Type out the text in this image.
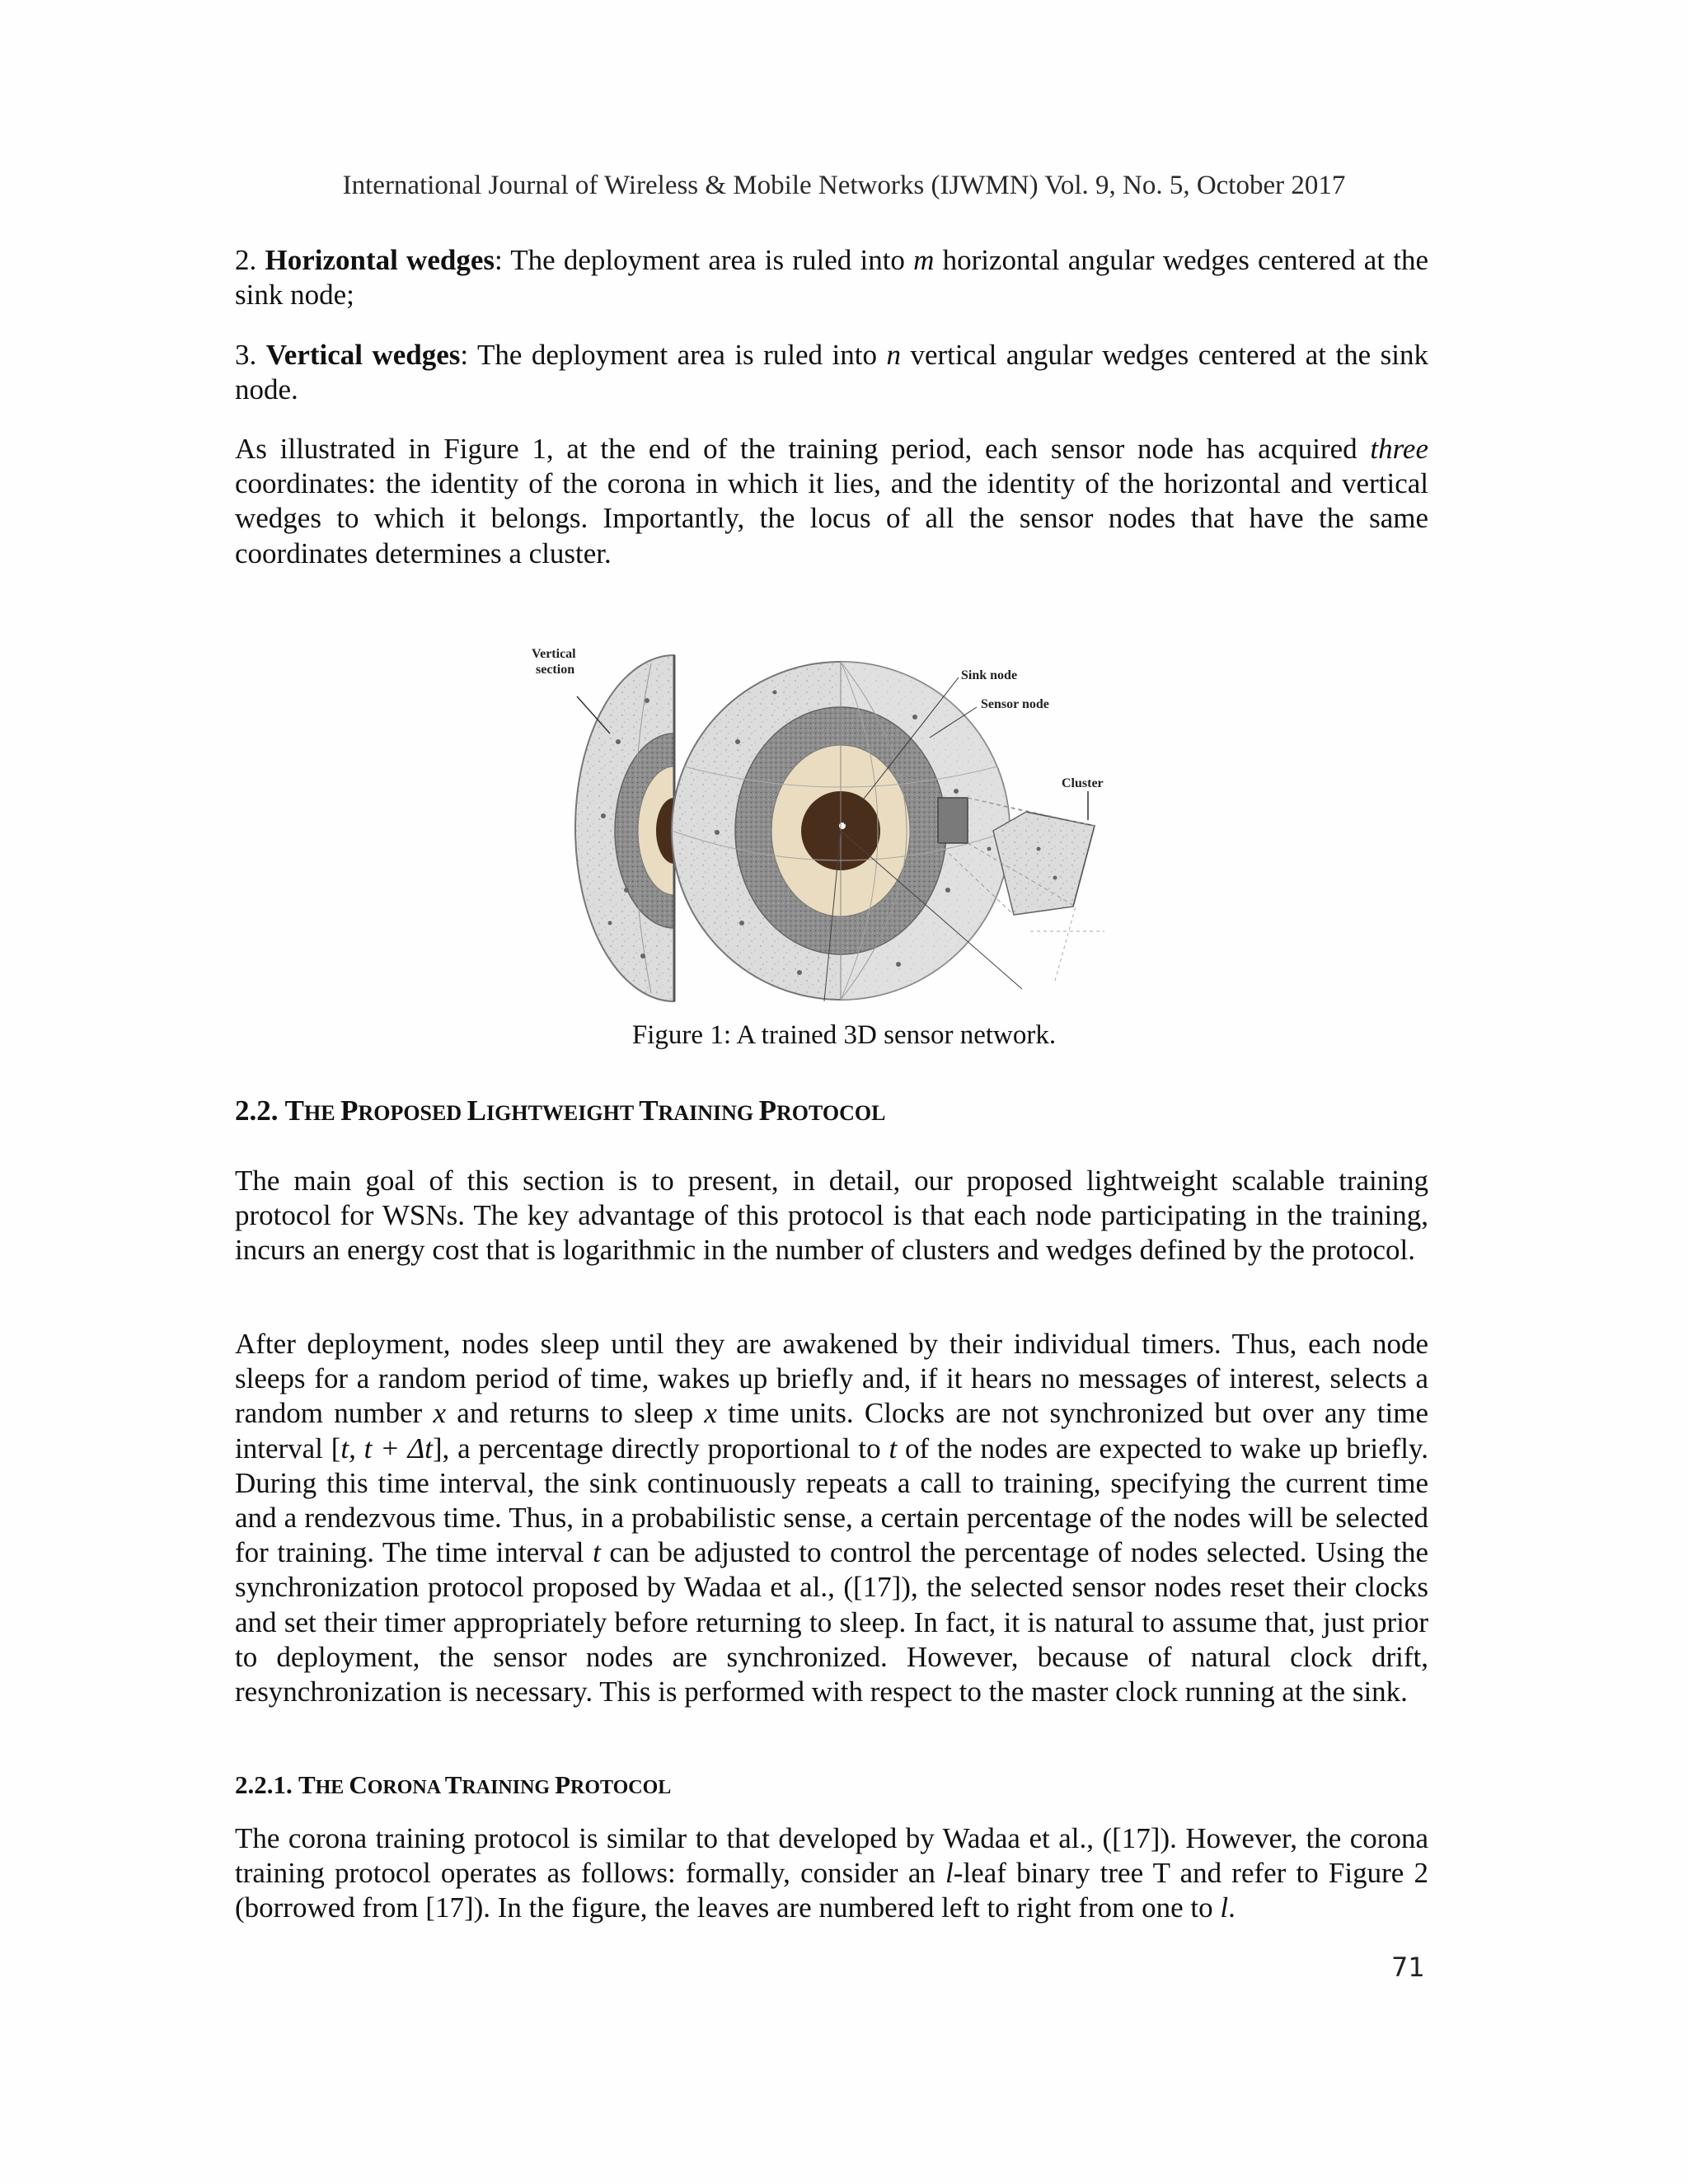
International Journal of Wireless & Mobile Networks (IJWMN) Vol. 9, No. 5, October 2017

2. Horizontal wedges: The deployment area is ruled into m horizontal angular wedges centered at the sink node;

3. Vertical wedges: The deployment area is ruled into n vertical angular wedges centered at the sink node.

As illustrated in Figure 1, at the end of the training period, each sensor node has acquired three coordinates: the identity of the corona in which it lies, and the identity of the horizontal and vertical wedges to which it belongs. Importantly, the locus of all the sensor nodes that have the same coordinates determines a cluster.

Vertical
section	Sink node
Sensor node
Cluster
Figure 1: A trained 3D sensor network.
2.2. THE PROPOSED LIGHTWEIGHT TRAINING PROTOCOL

The main goal of this section is to present, in detail, our proposed lightweight scalable training protocol for WSNs. The key advantage of this protocol is that each node participating in the training, incurs an energy cost that is logarithmic in the number of clusters and wedges defined by the protocol.

After deployment, nodes sleep until they are awakened by their individual timers. Thus, each node sleeps for a random period of time, wakes up briefly and, if it hears no messages of interest, selects a random number x and returns to sleep x time units. Clocks are not synchronized but over any time interval [t, t + Δt], a percentage directly proportional to t of the nodes are expected to wake up briefly. During this time interval, the sink continuously repeats a call to training, specifying the current time and a rendezvous time. Thus, in a probabilistic sense, a certain percentage of the nodes will be selected for training. The time interval t can be adjusted to control the percentage of nodes selected. Using the synchronization protocol proposed by Wadaa et al., ([17]), the selected sensor nodes reset their clocks and set their timer appropriately before returning to sleep. In fact, it is natural to assume that, just prior to deployment, the sensor nodes are synchronized. However, because of natural clock drift, resynchronization is necessary. This is performed with respect to the master clock running at the sink.

2.2.1. THE CORONA TRAINING PROTOCOL

The corona training protocol is similar to that developed by Wadaa et al., ([17]). However, the corona training protocol operates as follows: formally, consider an l-leaf binary tree T and refer to Figure 2 (borrowed from [17]). In the figure, the leaves are numbered left to right from one to l.

71
